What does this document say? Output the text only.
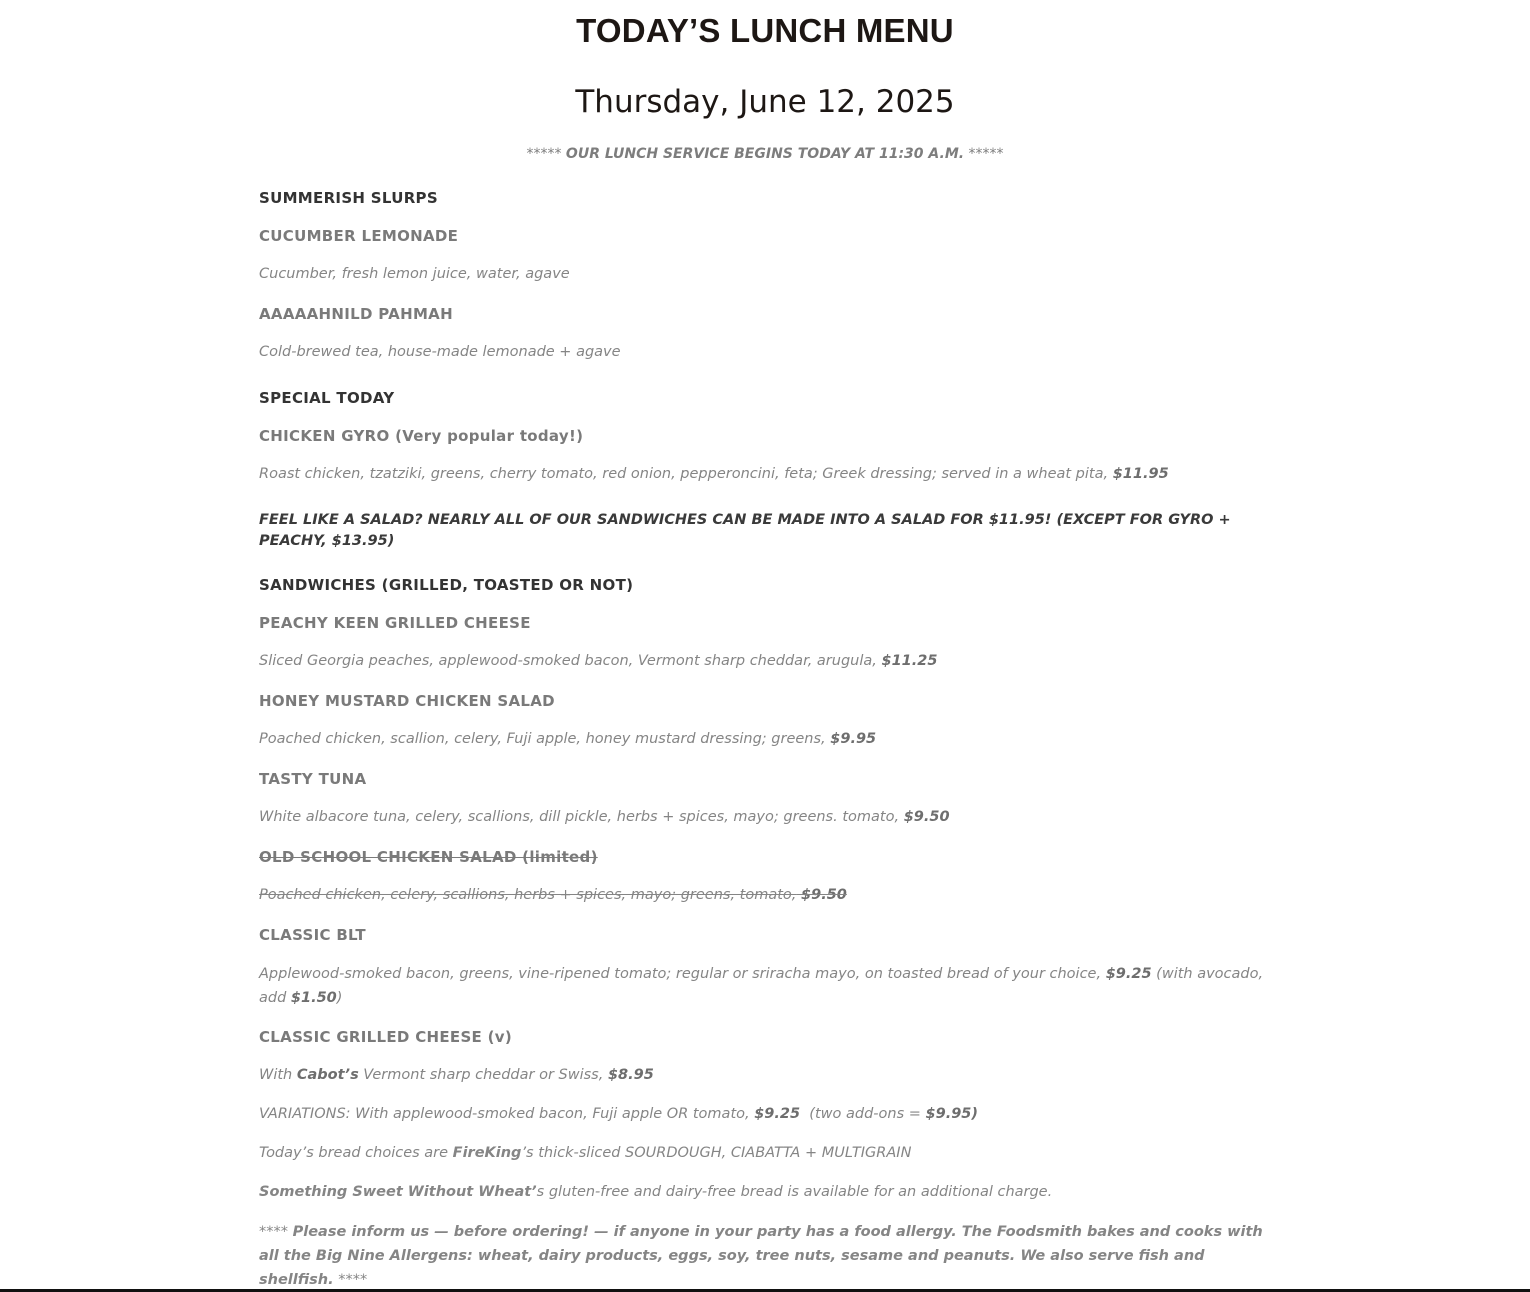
TODAY’S LUNCH MENU
Thursday, June 12, 2025

***** OUR LUNCH SERVICE BEGINS TODAY AT 11:30 A.M. *****

SUMMERISH SLURPS

CUCUMBER LEMONADE

Cucumber, fresh lemon juice, water, agave

AAAAAHNILD PAHMAH

Cold-brewed tea, house-made lemonade + agave

SPECIAL TODAY

CHICKEN GYRO (Very popular today!)

Roast chicken, tzatziki, greens, cherry tomato, red onion, pepperoncini, feta; Greek dressing; served in a wheat pita, $11.95

FEEL LIKE A SALAD? NEARLY ALL OF OUR SANDWICHES CAN BE MADE INTO A SALAD FOR $11.95! (EXCEPT FOR GYRO + PEACHY, $13.95)

SANDWICHES (GRILLED, TOASTED OR NOT)

PEACHY KEEN GRILLED CHEESE

Sliced Georgia peaches, applewood-smoked bacon, Vermont sharp cheddar, arugula, $11.25

HONEY MUSTARD CHICKEN SALAD

Poached chicken, scallion, celery, Fuji apple, honey mustard dressing; greens, $9.95

TASTY TUNA

White albacore tuna, celery, scallions, dill pickle, herbs + spices, mayo; greens. tomato, $9.50

OLD SCHOOL CHICKEN SALAD (limited)

Poached chicken, celery, scallions, herbs + spices, mayo; greens, tomato, $9.50

CLASSIC BLT

Applewood-smoked bacon, greens, vine-ripened tomato; regular or sriracha mayo, on toasted bread of your choice, $9.25 (with avocado, add $1.50)

CLASSIC GRILLED CHEESE (v)

With Cabot’s Vermont sharp cheddar or Swiss, $8.95

VARIATIONS: With applewood-smoked bacon, Fuji apple OR tomato, $9.25  (two add-ons = $9.95)

Today’s bread choices are FireKing’s thick-sliced SOURDOUGH, CIABATTA + MULTIGRAIN

Something Sweet Without Wheat’s gluten-free and dairy-free bread is available for an additional charge.

**** Please inform us — before ordering! — if anyone in your party has a food allergy. The Foodsmith bakes and cooks with all the Big Nine Allergens: wheat, dairy products, eggs, soy, tree nuts, sesame and peanuts. We also serve fish and shellfish. ****
